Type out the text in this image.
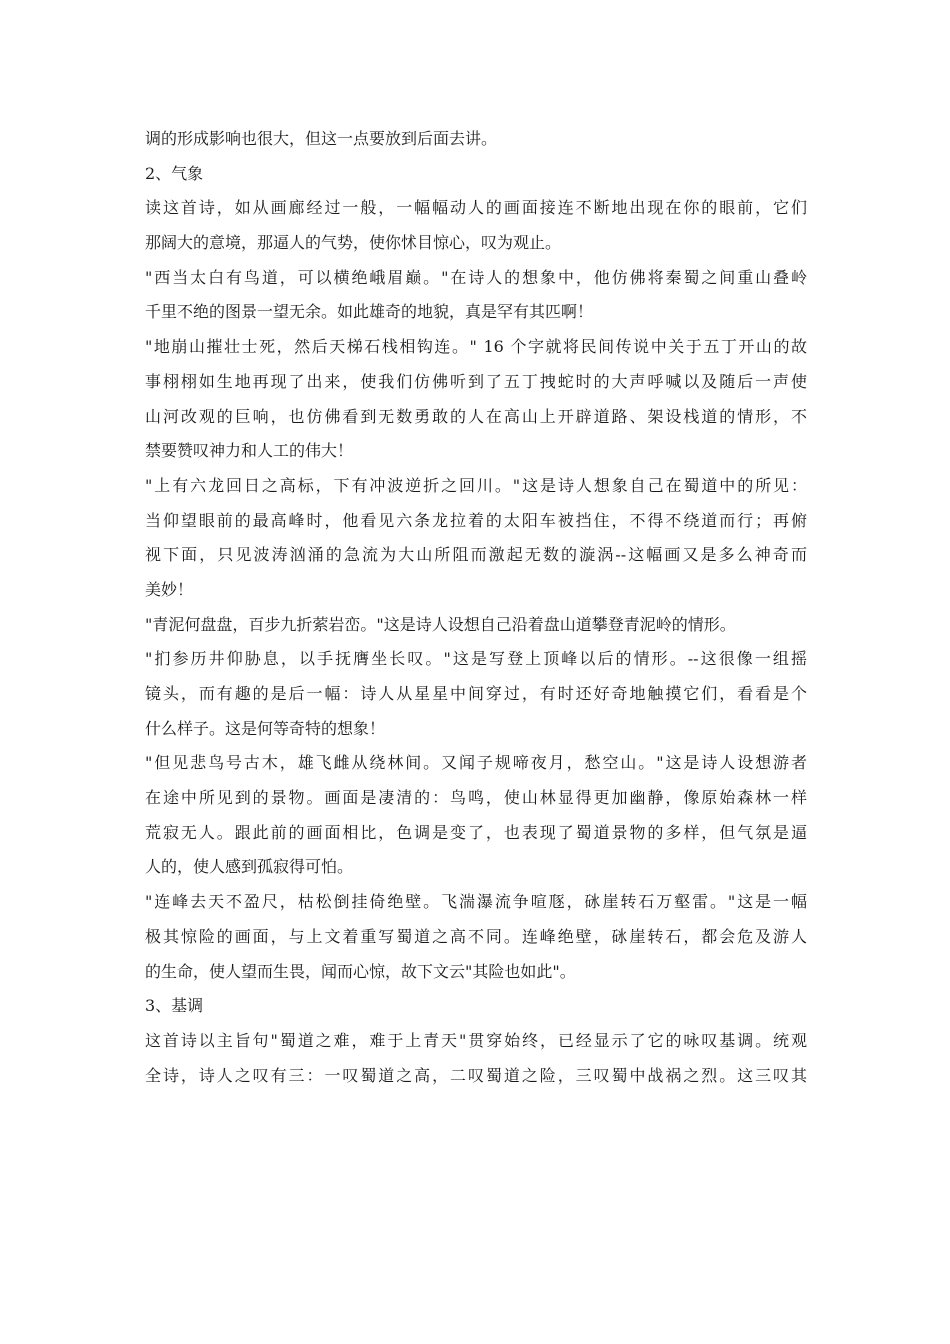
调的形成影响也很大，但这一点要放到后面去讲。
2、气象
读这首诗，如从画廊经过一般，一幅幅动人的画面接连不断地出现在你的眼前，它们
那阔大的意境，那逼人的气势，使你怵目惊心，叹为观止。
"西当太白有鸟道，可以横绝峨眉巅。"在诗人的想象中，他仿佛将秦蜀之间重山叠岭
千里不绝的图景一望无余。如此雄奇的地貌，真是罕有其匹啊！
"地崩山摧壮士死，然后天梯石栈相钩连。" 16 个字就将民间传说中关于五丁开山的故
事栩栩如生地再现了出来，使我们仿佛听到了五丁拽蛇时的大声呼喊以及随后一声使
山河改观的巨响，也仿佛看到无数勇敢的人在高山上开辟道路、架设栈道的情形，不
禁要赞叹神力和人工的伟大！
"上有六龙回日之高标，下有冲波逆折之回川。"这是诗人想象自己在蜀道中的所见：
当仰望眼前的最高峰时，他看见六条龙拉着的太阳车被挡住，不得不绕道而行；再俯
视下面，只见波涛汹涌的急流为大山所阻而激起无数的漩涡--这幅画又是多么神奇而
美妙！
"青泥何盘盘，百步九折萦岩峦。"这是诗人设想自己沿着盘山道攀登青泥岭的情形。
"扪参历井仰胁息，以手抚膺坐长叹。"这是写登上顶峰以后的情形。--这很像一组摇
镜头，而有趣的是后一幅：诗人从星星中间穿过，有时还好奇地触摸它们，看看是个
什么样子。这是何等奇特的想象！
"但见悲鸟号古木，雄飞雌从绕林间。又闻子规啼夜月，愁空山。"这是诗人设想游者
在途中所见到的景物。画面是凄清的：鸟鸣，使山林显得更加幽静，像原始森林一样
荒寂无人。跟此前的画面相比，色调是变了，也表现了蜀道景物的多样，但气氛是逼
人的，使人感到孤寂得可怕。
"连峰去天不盈尺，枯松倒挂倚绝壁。飞湍瀑流争喧豗，砯崖转石万壑雷。"这是一幅
极其惊险的画面，与上文着重写蜀道之高不同。连峰绝壁，砯崖转石，都会危及游人
的生命，使人望而生畏，闻而心惊，故下文云"其险也如此"。
3、基调
这首诗以主旨句"蜀道之难，难于上青天"贯穿始终，已经显示了它的咏叹基调。统观
全诗，诗人之叹有三：一叹蜀道之高，二叹蜀道之险，三叹蜀中战祸之烈。这三叹其
